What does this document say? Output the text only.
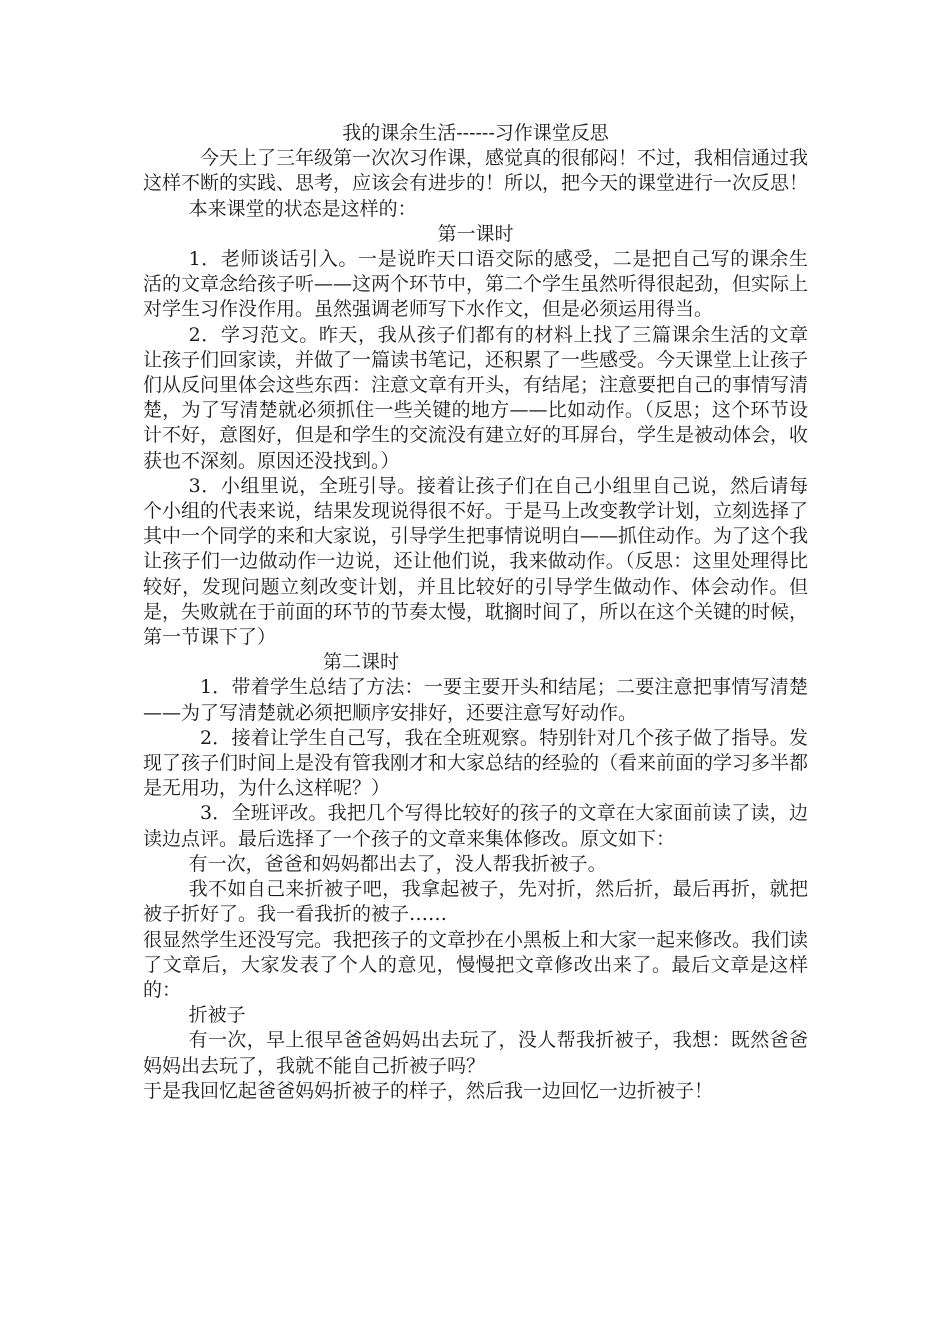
我的课余生活------习作课堂反思

今天上了三年级第一次次习作课，感觉真的很郁闷！不过，我相信通过我这样不断的实践、思考，应该会有进步的！所以，把今天的课堂进行一次反思！

本来课堂的状态是这样的：

第一课时

1．老师谈话引入。一是说昨天口语交际的感受，二是把自己写的课余生活的文章念给孩子听——这两个环节中，第二个学生虽然听得很起劲，但实际上对学生习作没作用。虽然强调老师写下水作文，但是必须运用得当。

2．学习范文。昨天，我从孩子们都有的材料上找了三篇课余生活的文章让孩子们回家读，并做了一篇读书笔记，还积累了一些感受。今天课堂上让孩子们从反问里体会这些东西：注意文章有开头，有结尾；注意要把自己的事情写清楚，为了写清楚就必须抓住一些关键的地方——比如动作。（反思；这个环节设计不好，意图好，但是和学生的交流没有建立好的耳屏台，学生是被动体会，收获也不深刻。原因还没找到。）

3．小组里说，全班引导。接着让孩子们在自己小组里自己说，然后请每个小组的代表来说，结果发现说得很不好。于是马上改变教学计划，立刻选择了其中一个同学的来和大家说，引导学生把事情说明白——抓住动作。为了这个我让孩子们一边做动作一边说，还让他们说，我来做动作。（反思：这里处理得比较好，发现问题立刻改变计划，并且比较好的引导学生做动作、体会动作。但是，失败就在于前面的环节的节奏太慢，耽搁时间了，所以在这个关键的时候，第一节课下了）

第二课时

1．带着学生总结了方法：一要主要开头和结尾；二要注意把事情写清楚——为了写清楚就必须把顺序安排好，还要注意写好动作。

2．接着让学生自己写，我在全班观察。特别针对几个孩子做了指导。发现了孩子们时间上是没有管我刚才和大家总结的经验的（看来前面的学习多半都是无用功，为什么这样呢？）

3．全班评改。我把几个写得比较好的孩子的文章在大家面前读了读，边读边点评。最后选择了一个孩子的文章来集体修改。原文如下：

有一次，爸爸和妈妈都出去了，没人帮我折被子。

我不如自己来折被子吧，我拿起被子，先对折，然后折，最后再折，就把被子折好了。我一看我折的被子……

很显然学生还没写完。我把孩子的文章抄在小黑板上和大家一起来修改。我们读了文章后，大家发表了个人的意见，慢慢把文章修改出来了。最后文章是这样的：

折被子

有一次，早上很早爸爸妈妈出去玩了，没人帮我折被子，我想：既然爸爸妈妈出去玩了，我就不能自己折被子吗？

于是我回忆起爸爸妈妈折被子的样子，然后我一边回忆一边折被子！
